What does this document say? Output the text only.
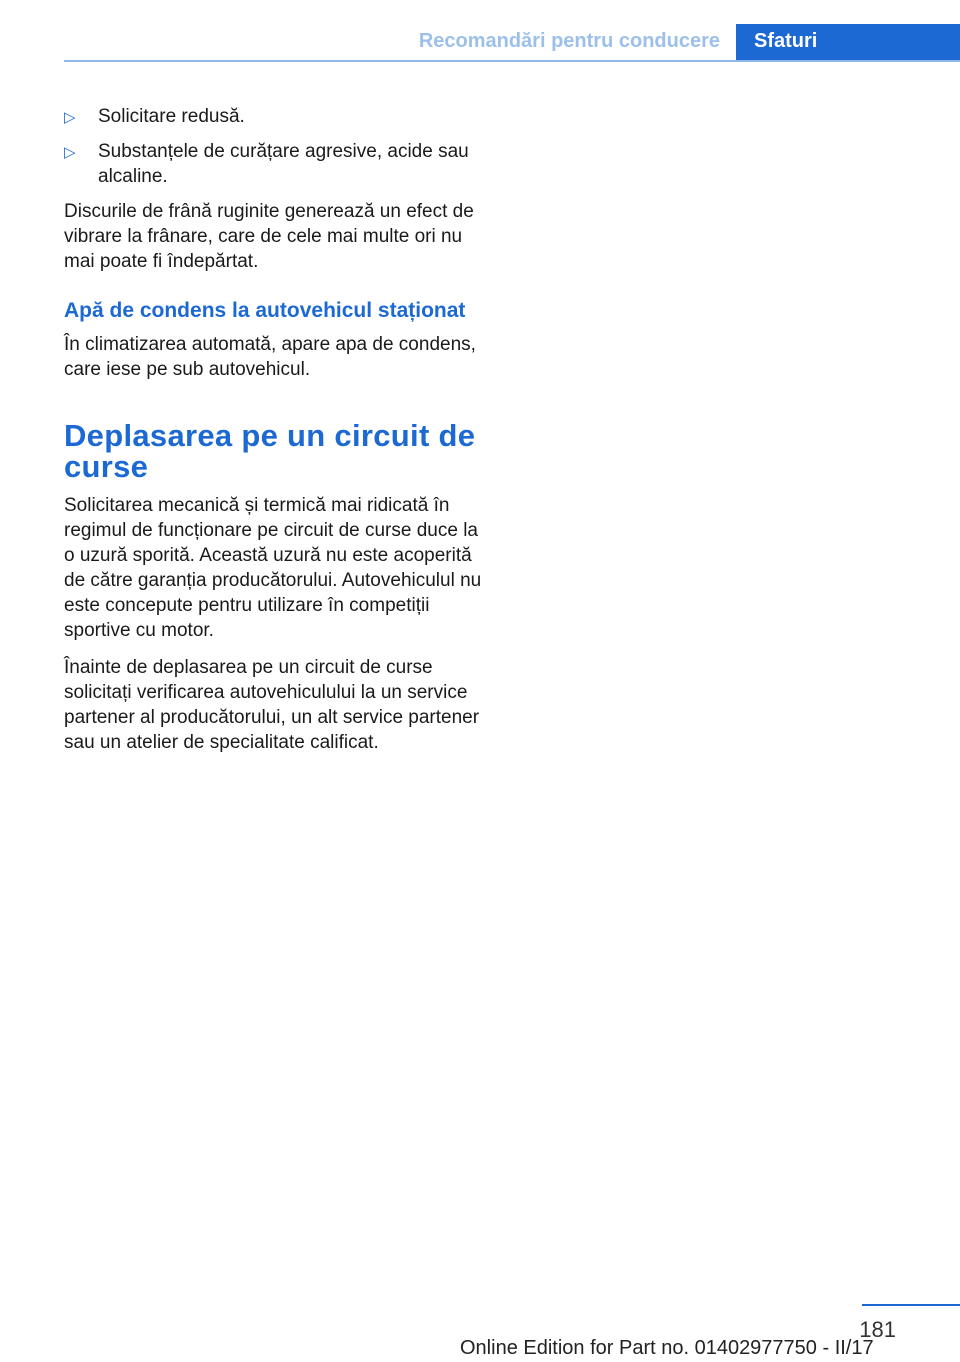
Recomandări pentru conducere	Sfaturi
▷ Solicitare redusă.
▷ Substanțele de curățare agresive, acide sau alcaline.

Discurile de frână ruginite generează un efect de vibrare la frânare, care de cele mai multe ori nu mai poate fi îndepărtat.

Apă de condens la autovehicul staționat

În climatizarea automată, apare apa de condens, care iese pe sub autovehicul.

Deplasarea pe un circuit de curse

Solicitarea mecanică și termică mai ridicată în regimul de funcționare pe circuit de curse duce la o uzură sporită. Această uzură nu este acoperită de către garanția producătorului. Autovehiculul nu este concepute pentru utilizare în competiții sportive cu motor.

Înainte de deplasarea pe un circuit de curse solicitați verificarea autovehiculului la un service partener al producătorului, un alt service partener sau un atelier de specialitate calificat.

181
Online Edition for Part no. 01402977750 - II/17
